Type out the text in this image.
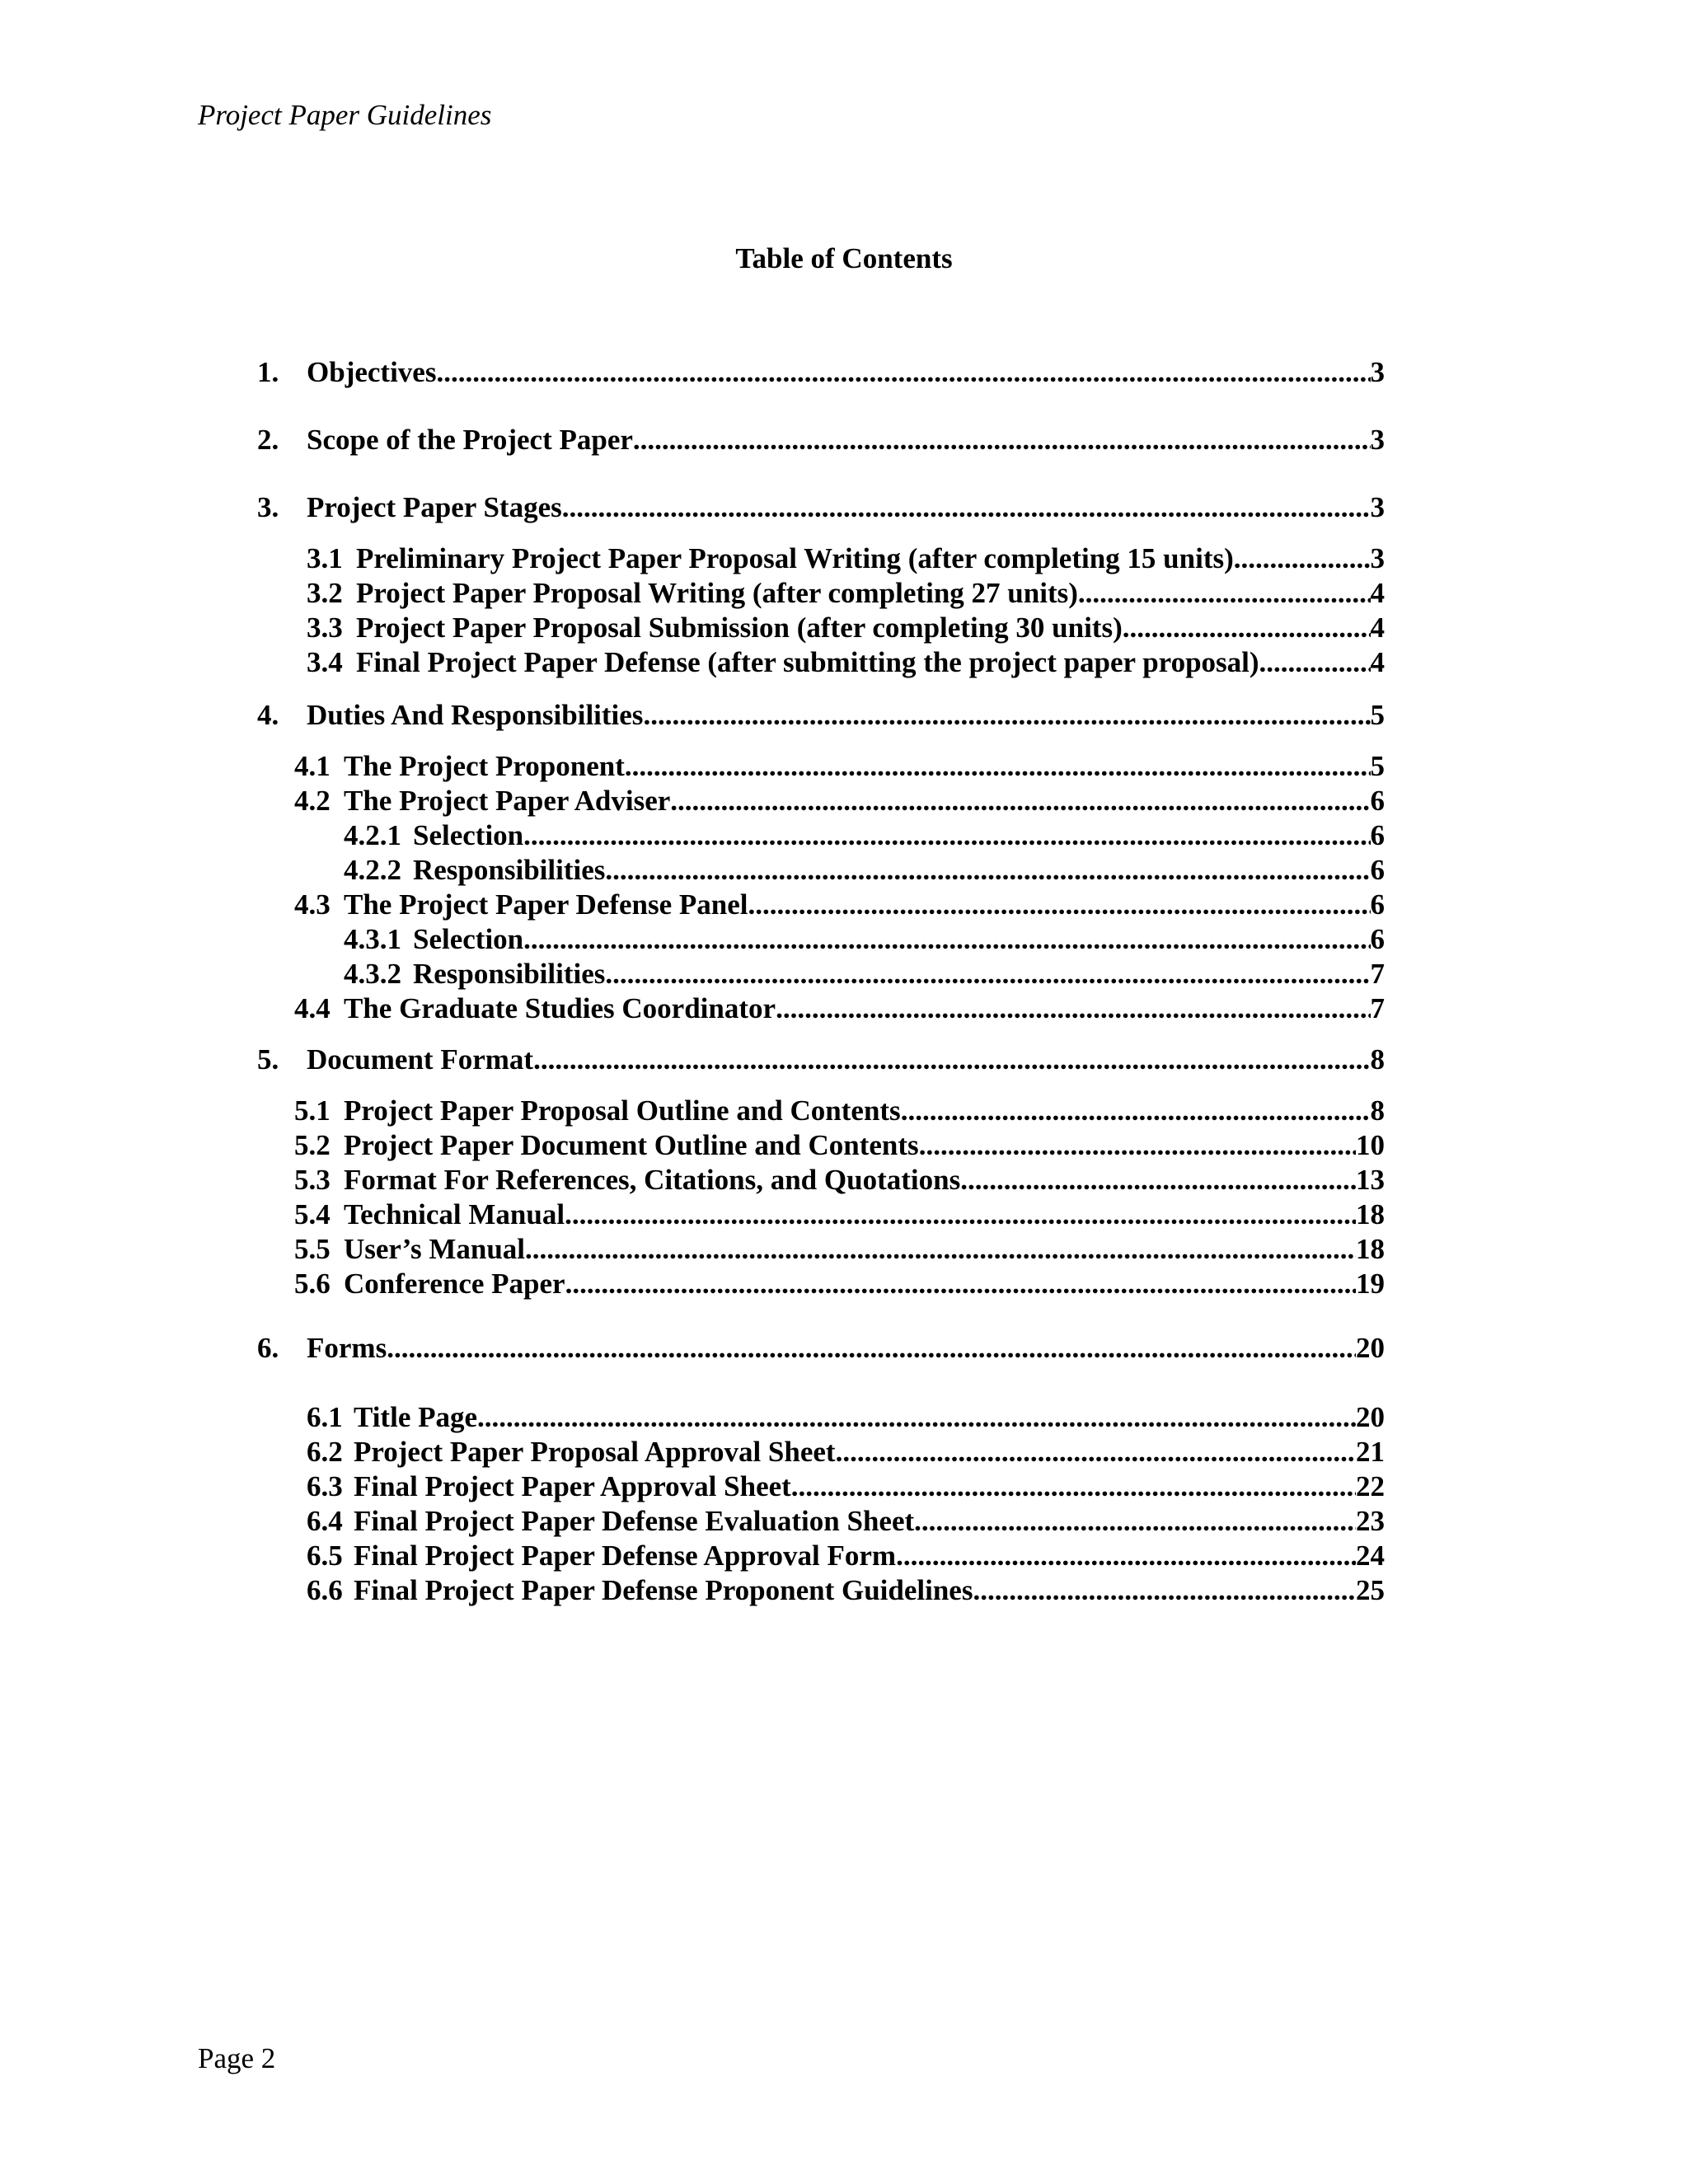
Project Paper Guidelines
Table of Contents
1. Objectives .....	3
2. Scope of the Project Paper .....	3
3. Project Paper Stages .....	3
3.1 Preliminary Project Paper Proposal Writing (after completing 15 units) .....	3
3.2 Project Paper Proposal Writing (after completing 27 units) .....	4
3.3 Project Paper Proposal Submission (after completing 30 units) .....	4
3.4 Final Project Paper Defense (after submitting the project paper proposal) .....	4
4. Duties And Responsibilities .....	5
4.1 The Project Proponent .....	5
4.2 The Project Paper Adviser .....	6
4.2.1 Selection .....	6
4.2.2 Responsibilities .....	6
4.3 The Project Paper Defense Panel .....	6
4.3.1 Selection .....	6
4.3.2 Responsibilities .....	7
4.4 The Graduate Studies Coordinator .....	7
5. Document Format .....	8
5.1 Project Paper Proposal Outline and Contents .....	8
5.2 Project Paper Document Outline and Contents .....	10
5.3 Format For References, Citations, and Quotations .....	13
5.4 Technical Manual .....	18
5.5 User’s Manual .....	18
5.6 Conference Paper .....	19
6. Forms .....	20
6.1 Title Page .....	20
6.2 Project Paper Proposal Approval Sheet .....	21
6.3 Final Project Paper Approval Sheet .....	22
6.4 Final Project Paper Defense Evaluation Sheet .....	23
6.5 Final Project Paper Defense Approval Form .....	24
6.6 Final Project Paper Defense Proponent Guidelines .....	25
Page 2
